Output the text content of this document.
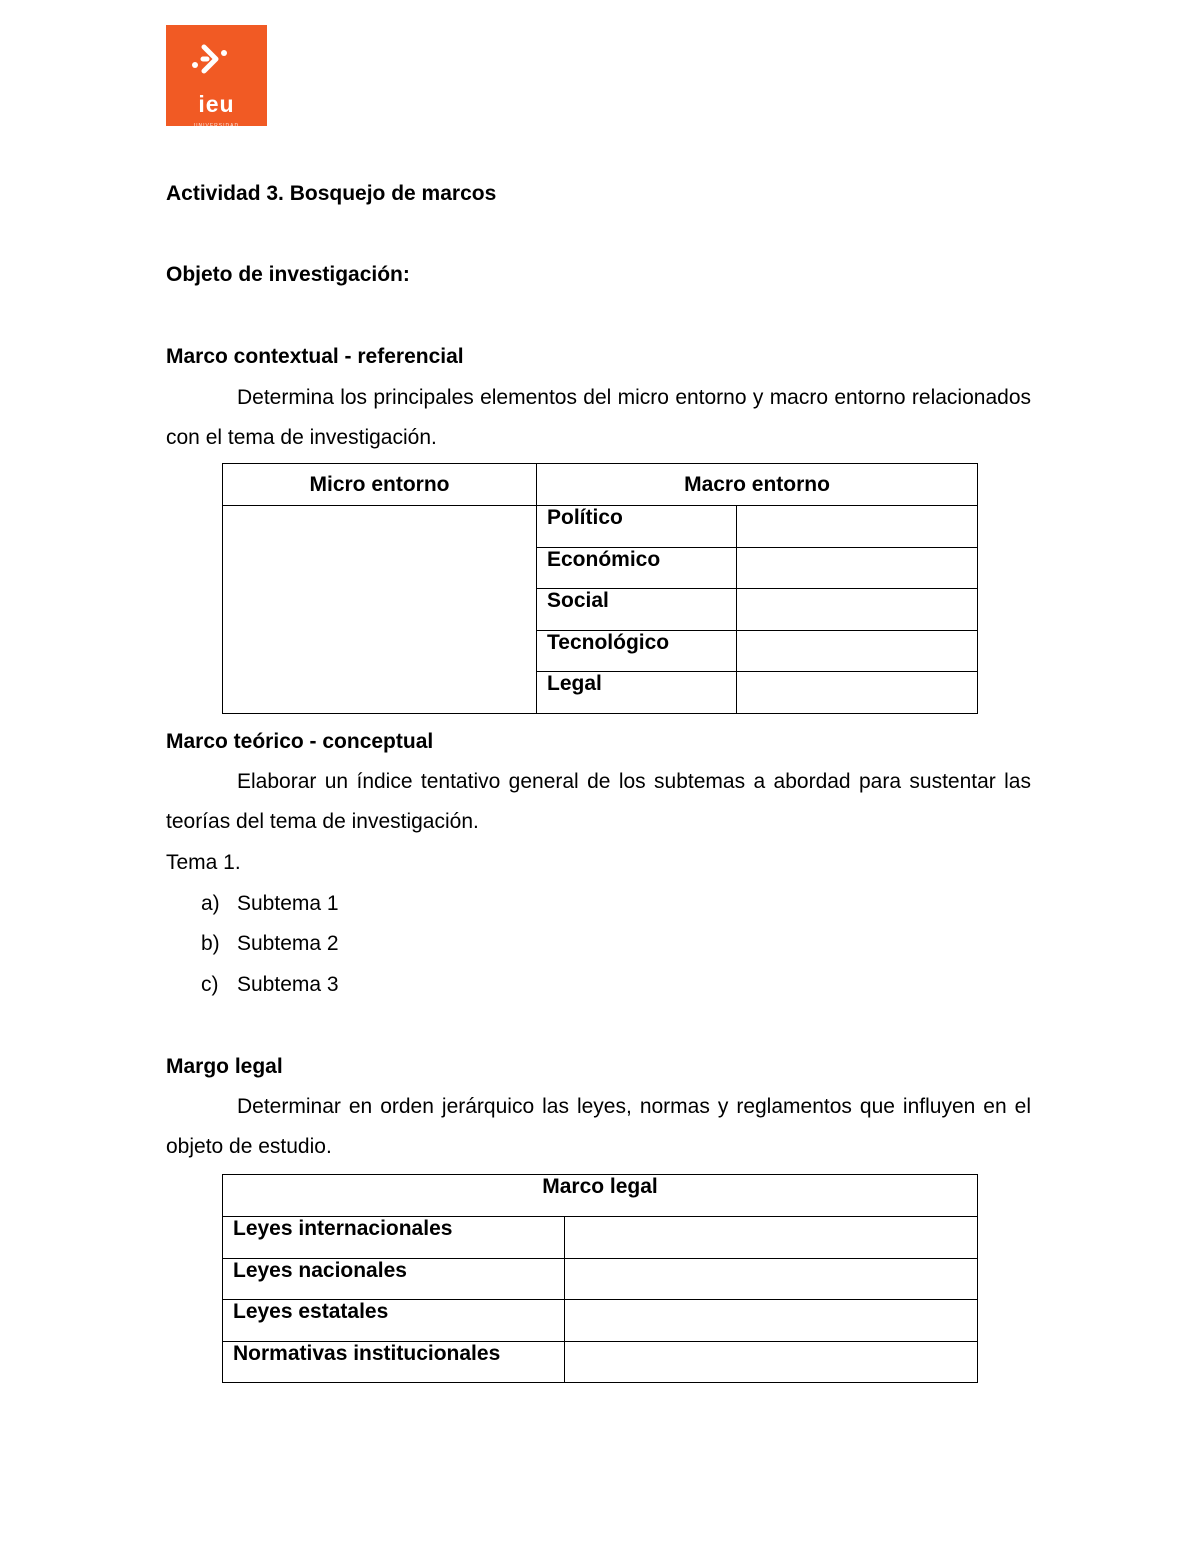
ieu
UNIVERSIDAD
Actividad 3. Bosquejo de marcos
Objeto de investigación:
Marco contextual - referencial
Determina los principales elementos del micro entorno y macro entorno relacionados con el tema de investigación.
Micro entorno	Macro entorno	
	Político	
	Económico	
	Social	
	Tecnológico	
	Legal	
Marco teórico - conceptual
Elaborar un índice tentativo general de los subtemas a abordad para sustentar las teorías del tema de investigación.
Tema 1.
a) Subtema 1
b) Subtema 2
c) Subtema 3
Margo legal
Determinar en orden jerárquico las leyes, normas y reglamentos que influyen en el objeto de estudio.
Marco legal	
Leyes internacionales	
Leyes nacionales	
Leyes estatales	
Normativas institucionales	
